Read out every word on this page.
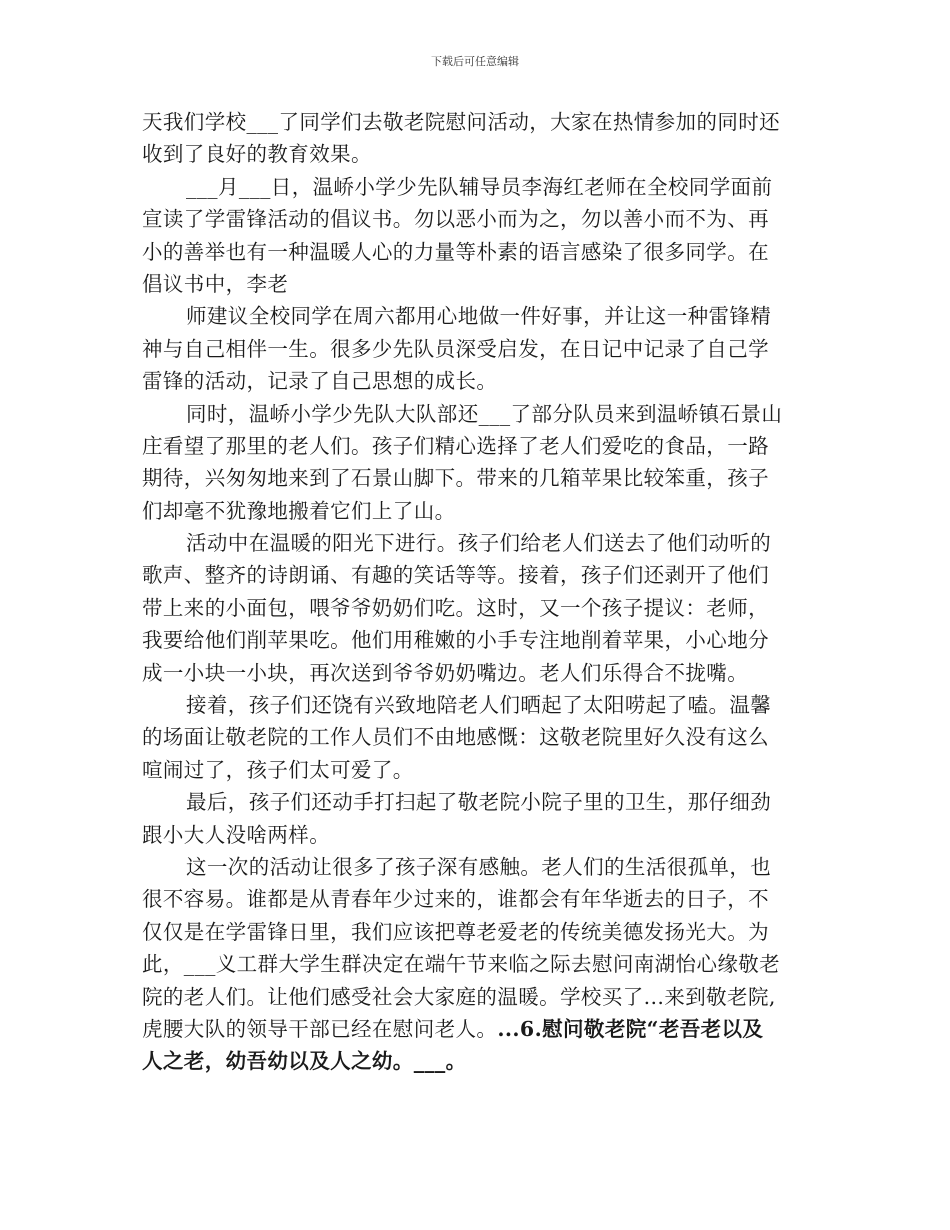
下载后可任意编辑
天我们学校___了同学们去敬老院慰问活动，大家在热情参加的同时还
收到了良好的教育效果。
___月___日，温峤小学少先队辅导员李海红老师在全校同学面前
宣读了学雷锋活动的倡议书。勿以恶小而为之，勿以善小而不为、再
小的善举也有一种温暖人心的力量等朴素的语言感染了很多同学。在
倡议书中，李老
师建议全校同学在周六都用心地做一件好事，并让这一种雷锋精
神与自己相伴一生。很多少先队员深受启发，在日记中记录了自己学
雷锋的活动，记录了自己思想的成长。
同时，温峤小学少先队大队部还___了部分队员来到温峤镇石景山
庄看望了那里的老人们。孩子们精心选择了老人们爱吃的食品，一路
期待，兴匆匆地来到了石景山脚下。带来的几箱苹果比较笨重，孩子
们却毫不犹豫地搬着它们上了山。
活动中在温暖的阳光下进行。孩子们给老人们送去了他们动听的
歌声、整齐的诗朗诵、有趣的笑话等等。接着，孩子们还剥开了他们
带上来的小面包，喂爷爷奶奶们吃。这时，又一个孩子提议：老师，
我要给他们削苹果吃。他们用稚嫩的小手专注地削着苹果，小心地分
成一小块一小块，再次送到爷爷奶奶嘴边。老人们乐得合不拢嘴。
接着，孩子们还饶有兴致地陪老人们晒起了太阳唠起了嗑。温馨
的场面让敬老院的工作人员们不由地感慨：这敬老院里好久没有这么
喧闹过了，孩子们太可爱了。
最后，孩子们还动手打扫起了敬老院小院子里的卫生，那仔细劲
跟小大人没啥两样。
这一次的活动让很多了孩子深有感触。老人们的生活很孤单，也
很不容易。谁都是从青春年少过来的，谁都会有年华逝去的日子，不
仅仅是在学雷锋日里，我们应该把尊老爱老的传统美德发扬光大。为
此，___义工群大学生群决定在端午节来临之际去慰问南湖怡心缘敬老
院的老人们。让他们感受社会大家庭的温暖。学校买了...来到敬老院,
虎腰大队的领导干部已经在慰问老人。...6.慰问敬老院“老吾老以及
人之老，幼吾幼以及人之幼。___。
